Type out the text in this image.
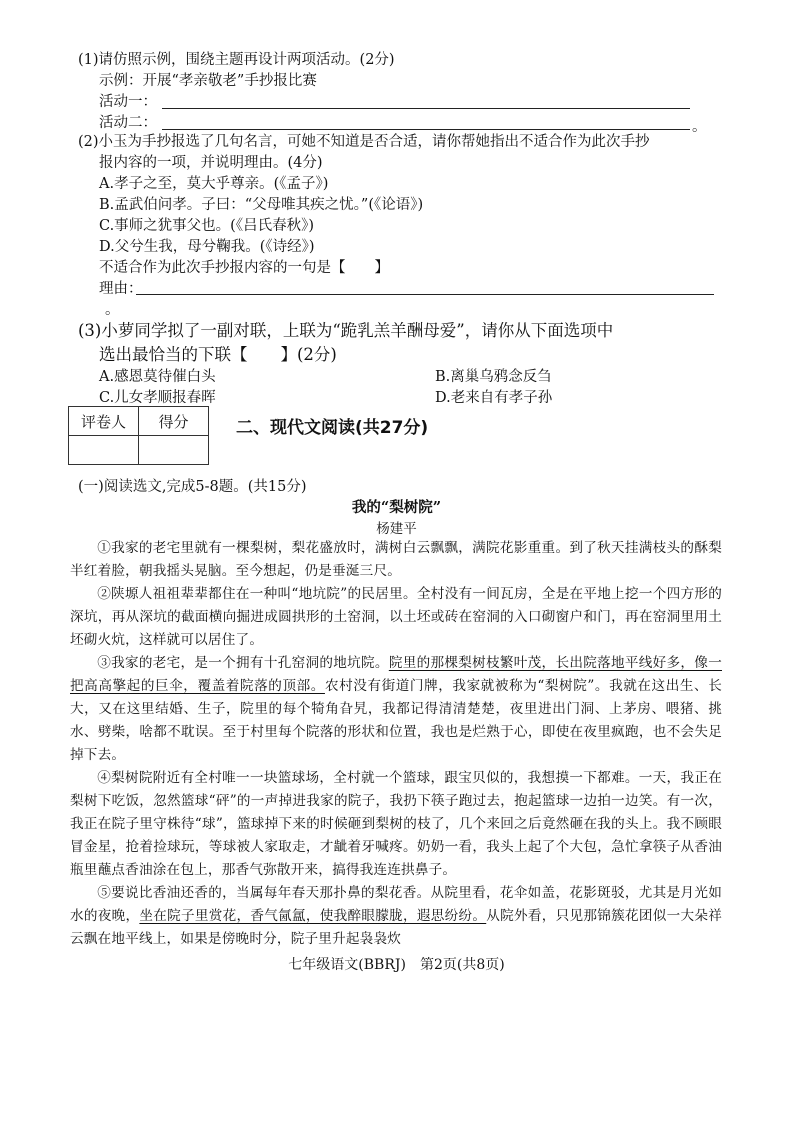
(1)请仿照示例，围绕主题再设计两项活动。(2分)
示例：开展“孝亲敬老”手抄报比赛
活动一：
活动二：	。
(2)小玉为手抄报选了几句名言，可她不知道是否合适，请你帮她指出不适合作为此次手抄
报内容的一项，并说明理由。(4分)
A.孝子之至，莫大乎尊亲。(《孟子》)
B.孟武伯问孝。子曰：“父母唯其疾之忧。”(《论语》)
C.事师之犹事父也。(《吕氏春秋》)
D.父兮生我，母兮鞠我。(《诗经》)
不适合作为此次手抄报内容的一句是【　　】
理由：
。
(3)小萝同学拟了一副对联，上联为“跪乳羔羊酬母爱”，请你从下面选项中
选出最恰当的下联【　　】(2分)
A.感恩莫待催白头	B.离巢乌鸦念反刍
C.儿女孝顺报春晖	D.老来自有孝子孙
评卷人	得分
		二、现代文阅读(共27分)
(一)阅读选文,完成5-8题。(共15分)
我的“梨树院”
杨建平

①我家的老宅里就有一棵梨树，梨花盛放时，满树白云飘飘，满院花影重重。到了秋天挂满枝头的酥梨半红着脸，朝我摇头晃脑。至今想起，仍是垂涎三尺。

②陕塬人祖祖辈辈都住在一种叫“地坑院”的民居里。全村没有一间瓦房，全是在平地上挖一个四方形的深坑，再从深坑的截面横向掘进成圆拱形的土窑洞，以土坯或砖在窑洞的入口砌窗户和门，再在窑洞里用土坯砌火炕，这样就可以居住了。

③我家的老宅，是一个拥有十孔窑洞的地坑院。院里的那棵梨树枝繁叶茂，长出院落地平线好多，像一把高高擎起的巨伞，覆盖着院落的顶部。农村没有街道门牌，我家就被称为“梨树院”。我就在这出生、长大，又在这里结婚、生子，院里的每个犄角旮旯，我都记得清清楚楚，夜里进出门洞、上茅房、喂猪、挑水、劈柴，啥都不耽误。至于村里每个院落的形状和位置，我也是烂熟于心，即使在夜里疯跑，也不会失足掉下去。

④梨树院附近有全村唯一一块篮球场，全村就一个篮球，跟宝贝似的，我想摸一下都难。一天，我正在梨树下吃饭，忽然篮球“砰”的一声掉进我家的院子，我扔下筷子跑过去，抱起篮球一边拍一边笑。有一次，我正在院子里守株待“球”，篮球掉下来的时候砸到梨树的枝了，几个来回之后竟然砸在我的头上。我不顾眼冒金星，抢着捡球玩，等球被人家取走，才龇着牙喊疼。奶奶一看，我头上起了个大包，急忙拿筷子从香油瓶里蘸点香油涂在包上，那香气弥散开来，搞得我连连拱鼻子。

⑤要说比香油还香的，当属每年春天那扑鼻的梨花香。从院里看，花伞如盖，花影斑驳，尤其是月光如水的夜晚，坐在院子里赏花，香气氤氲，使我醉眼朦胧，遐思纷纷。从院外看，只见那锦簇花团似一大朵祥云飘在地平线上，如果是傍晚时分，院子里升起袅袅炊

七年级语文(BBRJ)　第2页(共8页)
